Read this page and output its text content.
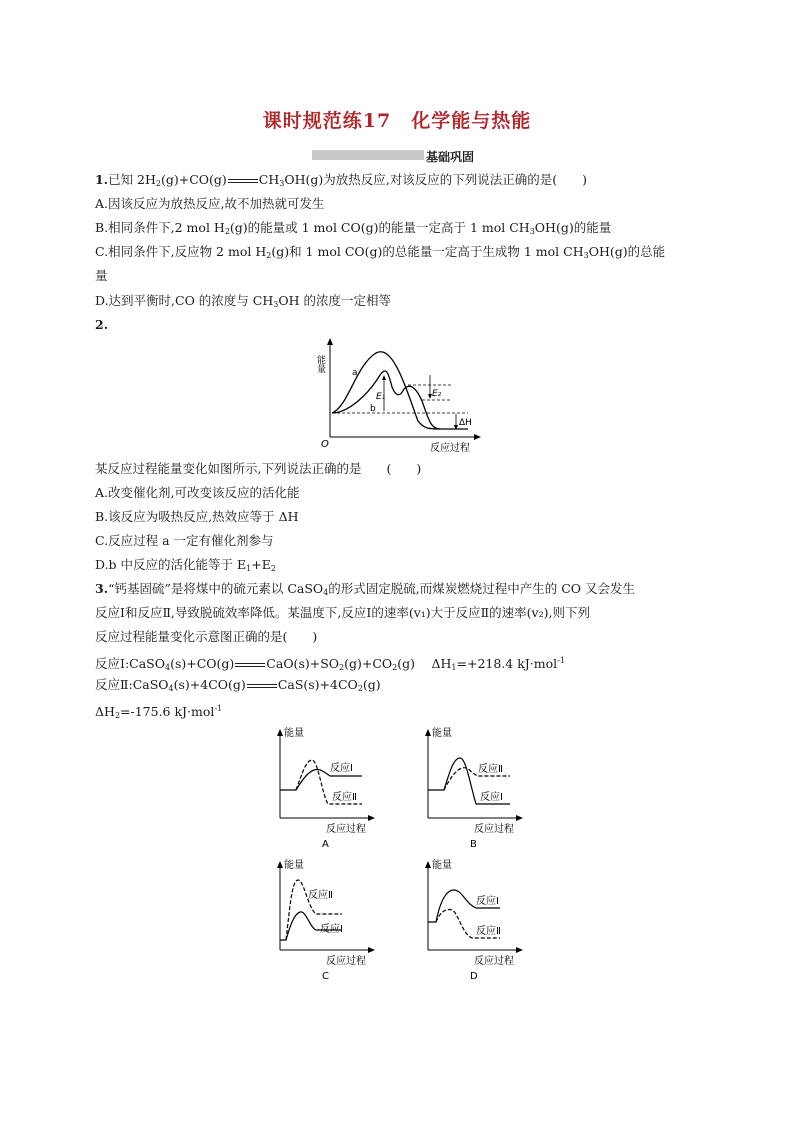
课时规范练17　化学能与热能
基础巩固
1.已知 $2H_2(g)+CO(g)$	$CH_3OH(g)$为放热反应,对该反应的下列说法正确的是(　　)
A.因该反应为放热反应,故不加热就可发生
B.相同条件下,2 mol $H_2(g)$的能量或 1 mol CO(g)的能量一定高于 1 mol $CH_3OH(g)$的能量
C.相同条件下,反应物 2 mol $H_2(g)$和 1 mol CO(g)的总能量一定高于生成物 1 mol $CH_3OH(g)$的总能
量
D.达到平衡时,CO 的浓度与 $CH_3OH$ 的浓度一定相等
2.
能量
反应过程
O
a
b
E₁	E₂
ΔH
某反应过程能量变化如图所示,下列说法正确的是　　(　　)
A.改变催化剂,可改变该反应的活化能
B.该反应为吸热反应,热效应等于 ΔH
C.反应过程 a 一定有催化剂参与
D.b 中反应的活化能等于 $E_1+E_2$
3.“钙基固硫”是将煤中的硫元素以 CaSO$_4$的形式固定脱硫,而煤炭燃烧过程中产生的 CO 又会发生
反应Ⅰ和反应Ⅱ,导致脱硫效率降低。某温度下,反应Ⅰ的速率(v₁)大于反应Ⅱ的速率(v₂),则下列
反应过程能量变化示意图正确的是(　　)
反应Ⅰ:CaSO$_4$(s)+CO(g)	$CaO(s)+SO_2(g)+CO_2(g)$　 $\Delta H_1=+218.4$ kJ·mol$^{-1}$
反应Ⅱ:CaSO$_4$(s)+4CO(g)	$CaS(s)+4CO_2(g)$
$\Delta H_2=-175.6$ kJ·mol$^{-1}$
能量
反应过程
A
反应Ⅰ
反应Ⅱ
能量
反应过程
B
反应Ⅱ
反应Ⅰ
能量
反应过程
C
反应Ⅱ
反应Ⅰ
能量
反应过程
D
反应Ⅰ
反应Ⅱ
